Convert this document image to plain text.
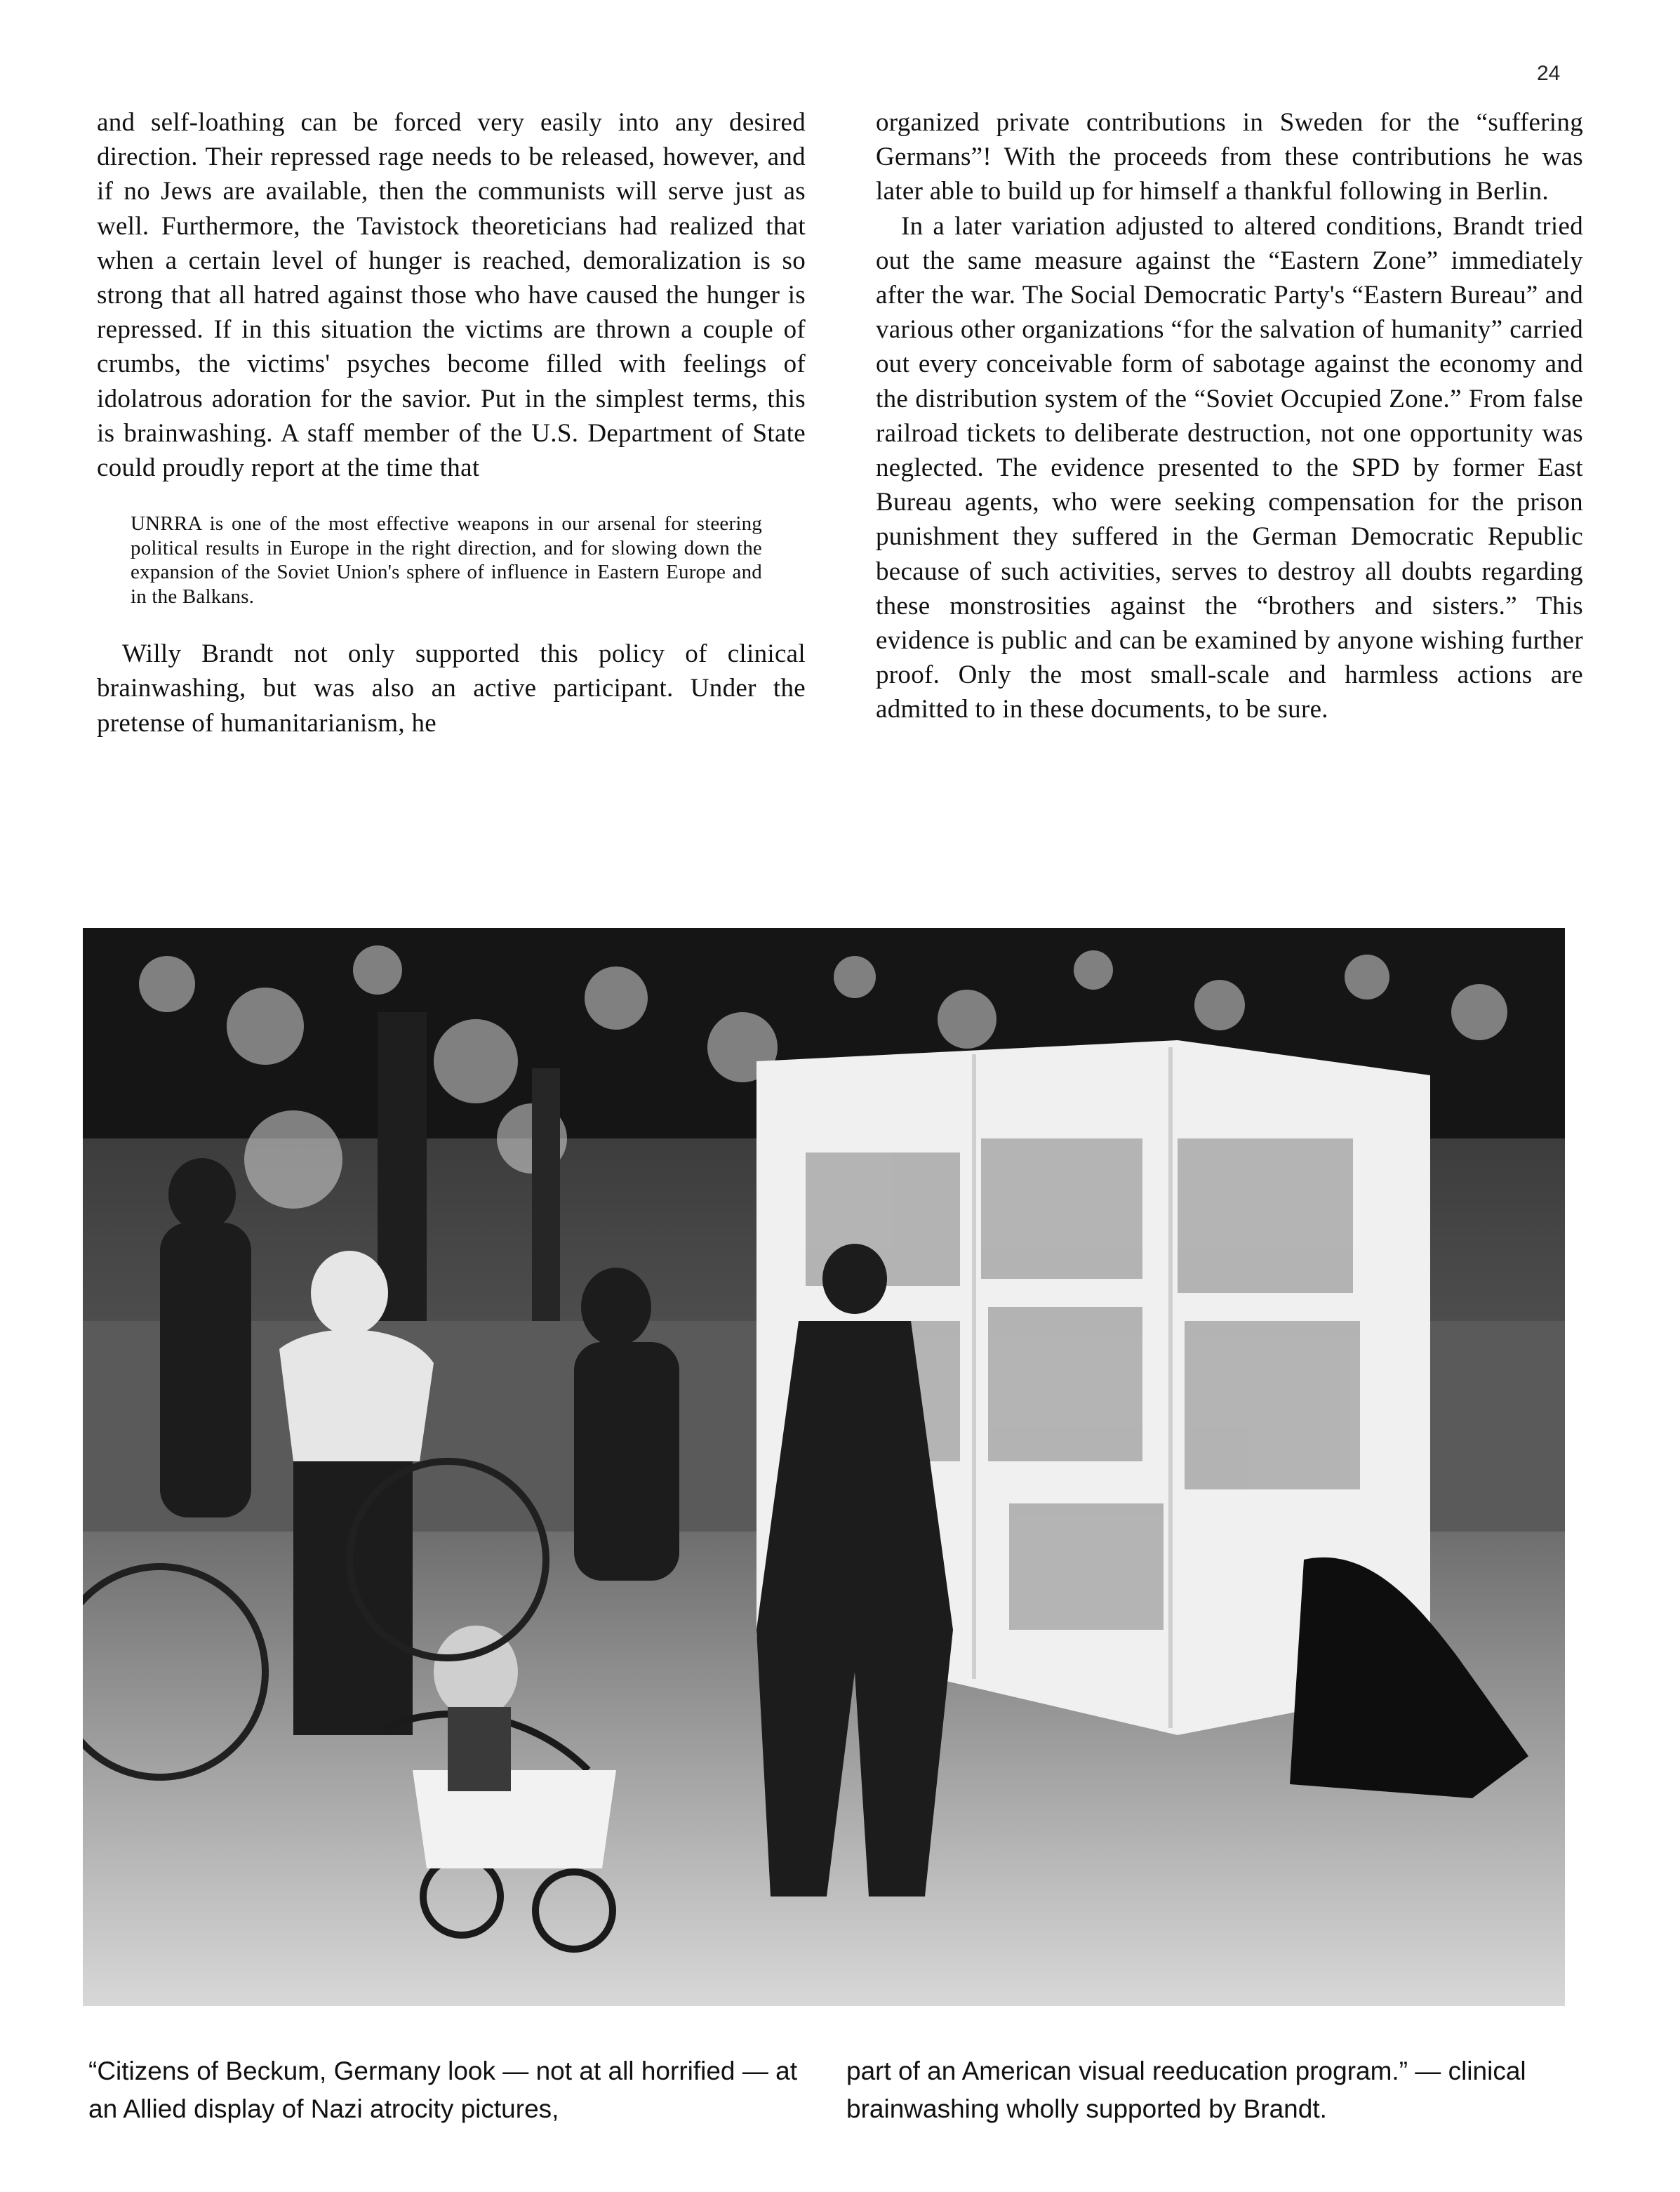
24

and self-loathing can be forced very easily into any desired direction. Their repressed rage needs to be released, however, and if no Jews are available, then the communists will serve just as well. Furthermore, the Tavistock theoreticians had realized that when a certain level of hunger is reached, demoralization is so strong that all hatred against those who have caused the hunger is repressed. If in this situation the victims are thrown a couple of crumbs, the victims' psyches become filled with feelings of idolatrous adoration for the savior. Put in the simplest terms, this is brainwashing. A staff member of the U.S. Department of State could proudly report at the time that

UNRRA is one of the most effective weapons in our arsenal for steering political results in Europe in the right direction, and for slowing down the expansion of the Soviet Union's sphere of influence in Eastern Europe and in the Balkans.

Willy Brandt not only supported this policy of clinical brainwashing, but was also an active participant. Under the pretense of humanitarianism, he

organized private contributions in Sweden for the “suffering Germans”! With the proceeds from these contributions he was later able to build up for himself a thankful following in Berlin.

In a later variation adjusted to altered conditions, Brandt tried out the same measure against the “Eastern Zone” immediately after the war. The Social Democratic Party's “Eastern Bureau” and various other organizations “for the salvation of humanity” carried out every conceivable form of sabotage against the economy and the distribution system of the “Soviet Occupied Zone.” From false railroad tickets to deliberate destruction, not one opportunity was neglected. The evidence presented to the SPD by former East Bureau agents, who were seeking compensation for the prison punishment they suffered in the German Democratic Republic because of such activities, serves to destroy all doubts regarding these monstrosities against the “brothers and sisters.” This evidence is public and can be examined by anyone wishing further proof. Only the most small-scale and harmless actions are admitted to in these documents, to be sure.

“Citizens of Beckum, Germany look — not at all horrified — at an Allied display of Nazi atrocity pictures,
part of an American visual reeducation program.” — clinical brainwashing wholly supported by Brandt.
